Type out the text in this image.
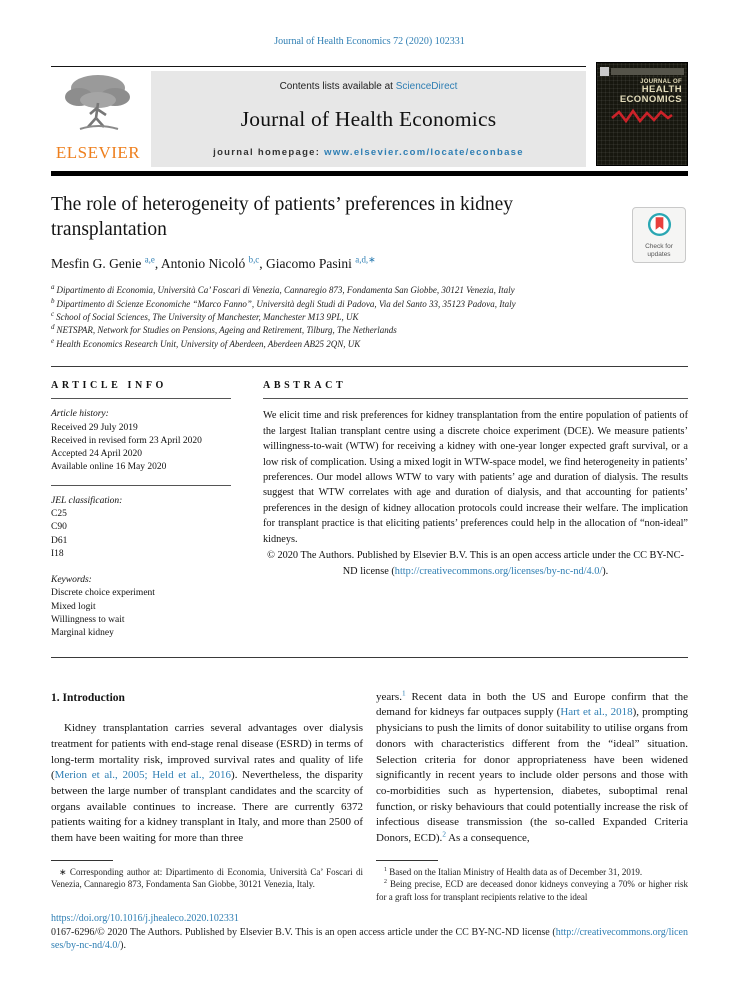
Journal of Health Economics 72 (2020) 102331
ELSEVIER
Contents lists available at ScienceDirect
Journal of Health Economics
journal homepage: www.elsevier.com/locate/econbase
JOURNAL OF
HEALTH
ECONOMICS
The role of heterogeneity of patients’ preferences in kidney transplantation
Check for
updates
Mesfin G. Genie $^{a,e}$, Antonio Nicoló $^{b,c}$, Giacomo Pasini $^{a,d,∗}$
$^a$ Dipartimento di Economia, Università Ca’ Foscari di Venezia, Cannaregio 873, Fondamenta San Giobbe, 30121 Venezia, Italy
$^b$ Dipartimento di Scienze Economiche “Marco Fanno”, Università degli Studi di Padova, Via del Santo 33, 35123 Padova, Italy
$^c$ School of Social Sciences, The University of Manchester, Manchester M13 9PL, UK
$^d$ NETSPAR, Network for Studies on Pensions, Ageing and Retirement, Tilburg, The Netherlands
$^e$ Health Economics Research Unit, University of Aberdeen, Aberdeen AB25 2QN, UK
ARTICLE INFO
Article history:
Received 29 July 2019
Received in revised form 23 April 2020
Accepted 24 April 2020
Available online 16 May 2020
JEL classification:
C25
C90
D61
I18
Keywords:
Discrete choice experiment
Mixed logit
Willingness to wait
Marginal kidney
ABSTRACT
We elicit time and risk preferences for kidney transplantation from the entire population of patients of the largest Italian transplant centre using a discrete choice experiment (DCE). We measure patients’ willingness-to-wait (WTW) for receiving a kidney with one-year longer expected graft survival, or a low risk of complication. Using a mixed logit in WTW-space model, we find heterogeneity in patients’ preferences. Our model allows WTW to vary with patients’ age and duration of dialysis. The results suggest that WTW correlates with age and duration of dialysis, and that accounting for patients’ preferences in the design of kidney allocation protocols could increase their welfare. The implication for transplant practice is that eliciting patients’ preferences could help in the allocation of “non-ideal” kidneys.
© 2020 The Authors. Published by Elsevier B.V. This is an open access article under the CC BY-NC-ND license (http://creativecommons.org/licenses/by-nc-nd/4.0/).
1. Introduction
Kidney transplantation carries several advantages over dialysis treatment for patients with end-stage renal disease (ESRD) in terms of long-term mortality risk, improved survival rates and quality of life (Merion et al., 2005; Held et al., 2016). Nevertheless, the disparity between the large number of transplant candidates and the scarcity of organs available continues to increase. There are currently 6372 patients waiting for a kidney transplant in Italy, and more than 2500 of them have been waiting for more than three
∗ Corresponding author at: Dipartimento di Economia, Università Ca’ Foscari di Venezia, Cannaregio 873, Fondamenta San Giobbe, 30121 Venezia, Italy.
years.$^1$ Recent data in both the US and Europe confirm that the demand for kidneys far outpaces supply (Hart et al., 2018), prompting physicians to push the limits of donor suitability to utilise organs from donors with characteristics different from the “ideal” situation. Selection criteria for donor appropriateness have been widened significantly in recent years to include older persons and those with co-morbidities such as hypertension, diabetes, suboptimal renal function, or risky behaviours that could potentially increase the risk of infectious disease transmission (the so-called Expanded Criteria Donors, ECD).$^2$ As a consequence,
$^1$ Based on the Italian Ministry of Health data as of December 31, 2019.
$^2$ Being precise, ECD are deceased donor kidneys conveying a 70% or higher risk for a graft loss for transplant recipients relative to the ideal
https://doi.org/10.1016/j.jhealeco.2020.102331
0167-6296/© 2020 The Authors. Published by Elsevier B.V. This is an open access article under the CC BY-NC-ND license (http://creativecommons.org/licenses/by-nc-nd/4.0/).
